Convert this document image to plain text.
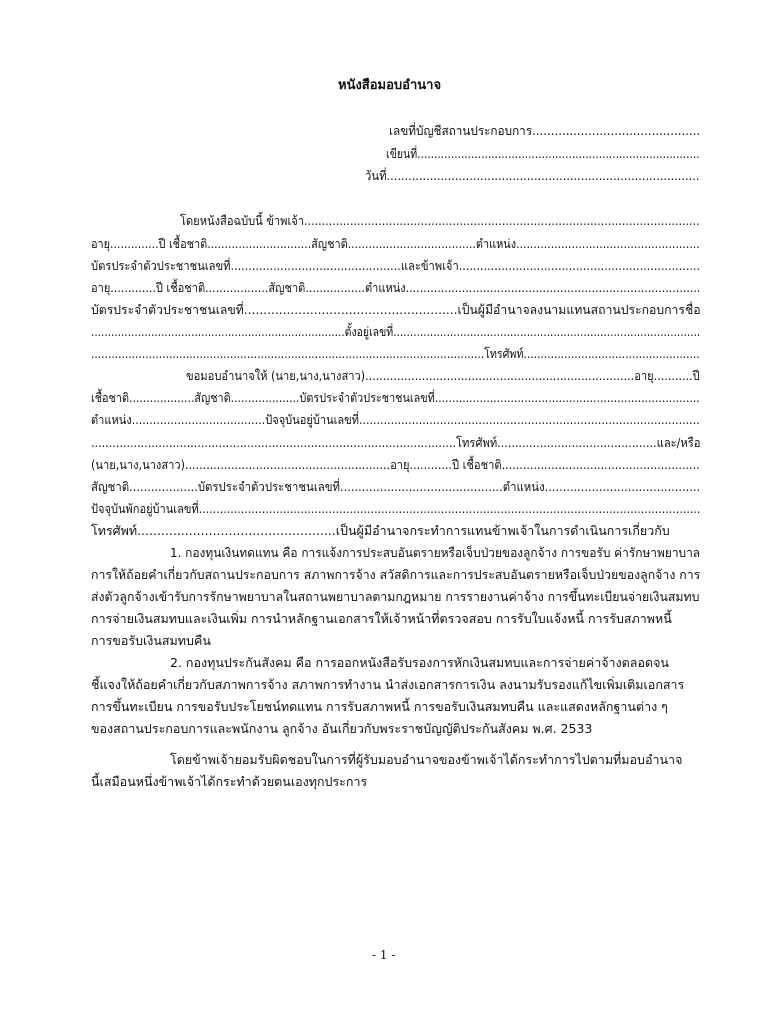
หนังสือมอบอำนาจ

เลขที่บัญชีสถานประกอบการ.............................................

เขียนที่....................................................................................

วันที่.......................................................................................

โดยหนังสือฉบับนี้ ข้าพเจ้า................................................................................................................

อายุ..............ปี เชื้อชาติ..............................สัญชาติ.....................................ตำแหน่ง.....................................................

บัตรประจำตัวประชาชนเลขที่................................................และข้าพเจ้า....................................................................

อายุ.............ปี เชื้อชาติ..................สัญชาติ.................ตำแหน่ง....................................................................................

บัตรประจำตัวประชาชนเลขที่.......................................................เป็นผู้มีอำนาจลงนามแทนสถานประกอบการชื่อ

............................................................................ตั้งอยู่เลขที่............................................................................................

....................................................................................................................โทรศัพท์....................................................

ขอมอบอำนาจให้ (นาย,นาง,นางสาว)............................................................................อายุ...........ปี

เชื้อชาติ...................สัญชาติ....................บัตรประจำตัวประชาชนเลขที่.............................................................................

ตำแหน่ง......................................ปัจจุบันอยู่บ้านเลขที่.................................................................................................

.......................................................................................................โทรศัพท์.............................................และ/หรือ

(นาย,นาง,นางสาว)..........................................................อายุ............ปี เชื้อชาติ........................................................

สัญชาติ...................บัตรประจำตัวประชาชนเลขที่.............................................ตำแหน่ง...........................................

ปัจจุบันพักอยู่บ้านเลขที่...............................................................................................................................................

โทรศัพท์..................................................เป็นผู้มีอำนาจกระทำการแทนข้าพเจ้าในการดำเนินการเกี่ยวกับ

1. กองทุนเงินทดแทน คือ การแจ้งการประสบอันตรายหรือเจ็บป่วยของลูกจ้าง การขอรับ ค่ารักษาพยาบาล

การให้ถ้อยคำเกี่ยวกับสถานประกอบการ สภาพการจ้าง สวัสดิการและการประสบอันตรายหรือเจ็บป่วยของลูกจ้าง การ

ส่งตัวลูกจ้างเข้ารับการรักษาพยาบาลในสถานพยาบาลตามกฎหมาย การรายงานค่าจ้าง การขึ้นทะเบียนจ่ายเงินสมทบ

การจ่ายเงินสมทบและเงินเพิ่ม การนำหลักฐานเอกสารให้เจ้าหน้าที่ตรวจสอบ การรับใบแจ้งหนี้ การรับสภาพหนี้

การขอรับเงินสมทบคืน

2. กองทุนประกันสังคม คือ การออกหนังสือรับรองการหักเงินสมทบและการจ่ายค่าจ้างตลอดจน

ชี้แจงให้ถ้อยคำเกี่ยวกับสภาพการจ้าง สภาพการทำงาน นำส่งเอกสารการเงิน ลงนามรับรองแก้ไขเพิ่มเติมเอกสาร

การขึ้นทะเบียน การขอรับประโยชน์ทดแทน การรับสภาพหนี้ การขอรับเงินสมทบคืน และแสดงหลักฐานต่าง ๆ

ของสถานประกอบการและพนักงาน ลูกจ้าง อันเกี่ยวกับพระราชบัญญัติประกันสังคม พ.ศ. 2533

โดยข้าพเจ้ายอมรับผิดชอบในการที่ผู้รับมอบอำนาจของข้าพเจ้าได้กระทำการไปตามที่มอบอำนาจ

นี้เสมือนหนึ่งข้าพเจ้าได้กระทำด้วยตนเองทุกประการ

- 1 -
